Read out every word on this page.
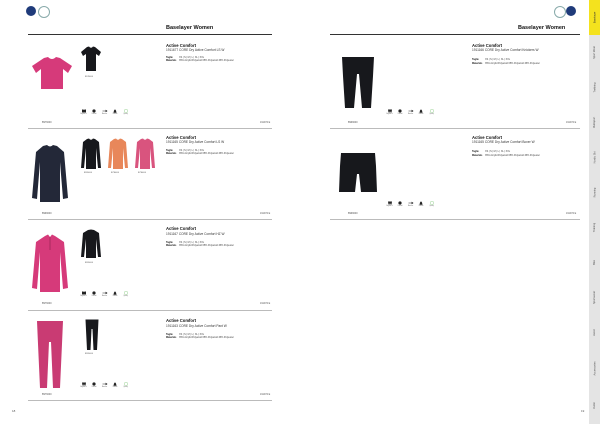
Baselayer Women	Baselayer Women
B976000
Active Comfort
1911677 CORE Dry Active Comfort LS W
Taglie	XS | S | M | L | XL | XXL
Materials 35% Acrylic/Polyamid 65% Polyamid 45% Polyester
Regular fit	Comfort	Moisture	Warmth	Quality
B976000	191974 E
B999000	B736000	B736000
Active Comfort
1911165 CORE Dry Active Comfort LS W
Taglie	XS | S | M | L | XL | XXL
Materials 35% Acrylic/Polyamid 65% Polyamid 45% Polyester
B999000	191974 E
B999000
Active Comfort
1911167 CORE Dry Active Comfort HZ W
Taglie	XS | S | M | L | XL | XXL
Materials 35% Acrylic/Polyamid 65% Polyamid 45% Polyester
Regular fit	Comfort	Moisture	Warmth	Quality
B976000	191974 E
B999000
Active Comfort
1911163 CORE Dry Active Comfort Pant W
Taglie	XS | S | M | L | XL | XXL
Materials 35% Acrylic/Polyamid 65% Polyamid 45% Polyester
Regular fit	Comfort	Moisture	Warmth	Quality
B976000	191974 E
18
Active Comfort
1911166 CORE Dry Active Comfort Knickers W
Taglie	XS | S | M | L | XL | XXL
Materials 35% Acrylic/Polyamid 65% Polyamid 45% Polyester
Regular fit	Comfort	Moisture	Warmth	Quality
B999000	191974 E
Active Comfort
1911165 CORE Dry Active Comfort Boxer W
Taglie	XS | S | M | L | XL | XXL
Materials 35% Acrylic/Polyamid 65% Polyamid 45% Polyester
Regular fit	Comfort	Moisture	Warmth	Quality
B999000	191974 E
19
Baselayer
Sport Wear
Trekking
Multisport
Nordic Ski
Running
Training
Bike
Sportswear
Junior
Accessories
Outlet
